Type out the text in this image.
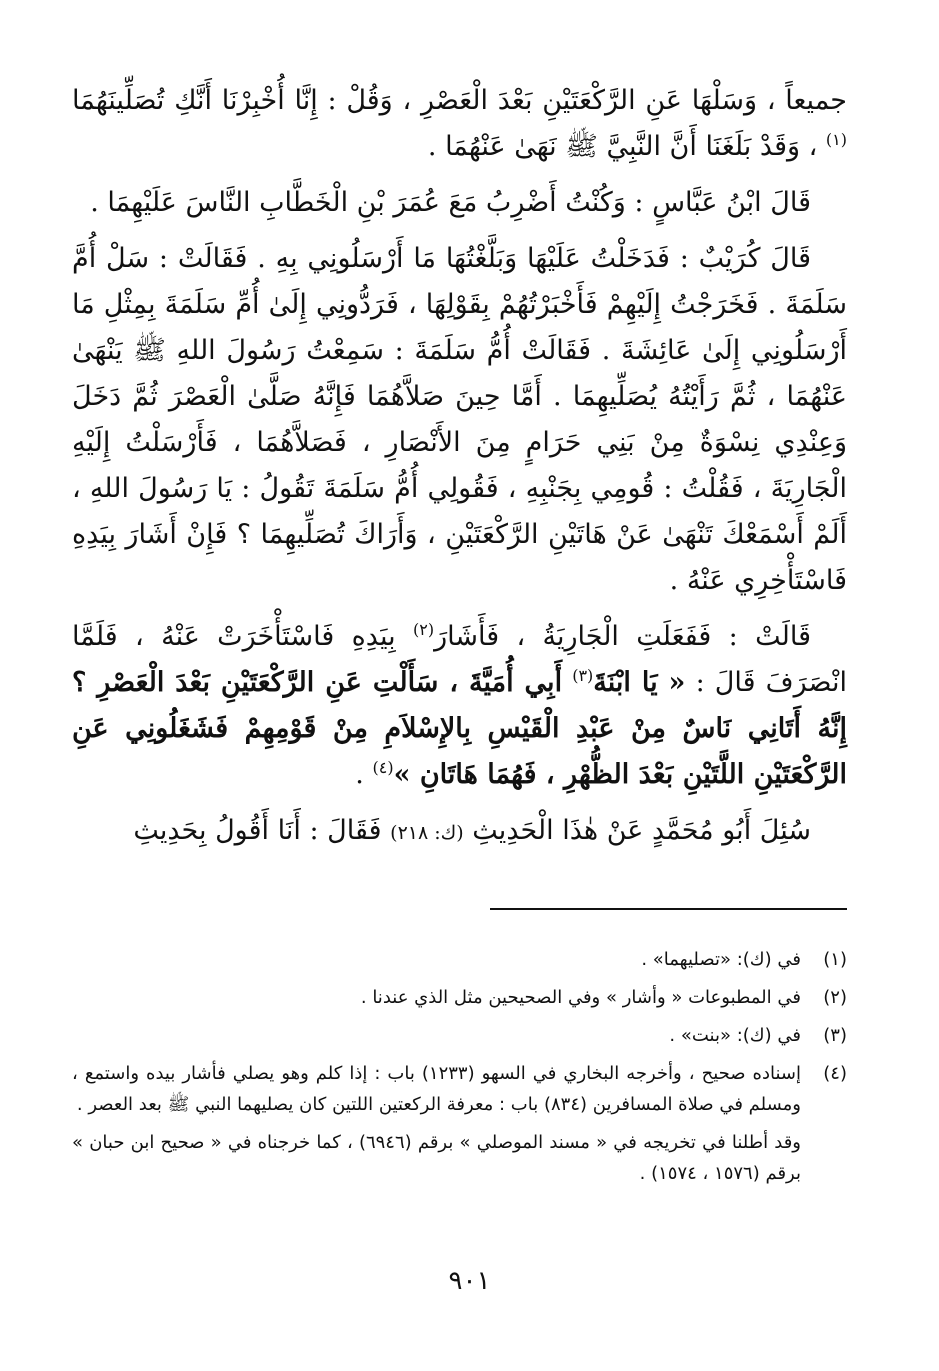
جميعاً ، وَسَلْهَا عَنِ الرَّكْعَتَيْنِ بَعْدَ الْعَصْرِ ، وَقُلْ : إِنَّا أُخْبِرْنَا أَنَّكِ تُصَلِّينَهُمَا $^{(١)}$ ، وَقَدْ بَلَغَنَا أَنَّ النَّبِيَّ ﷺ نَهَىٰ عَنْهُمَا .

قَالَ ابْنُ عَبَّاسٍ : وَكُنْتُ أَضْرِبُ مَعَ عُمَرَ بْنِ الْخَطَّابِ النَّاسَ عَلَيْهِمَا .

قَالَ كُرَيْبٌ : فَدَخَلْتُ عَلَيْهَا وَبَلَّغْتُهَا مَا أَرْسَلُونِي بِهِ . فَقَالَتْ : سَلْ أُمَّ سَلَمَةَ . فَخَرَجْتُ إِلَيْهِمْ فَأَخْبَرْتُهُمْ بِقَوْلِهَا ، فَرَدُّونِي إِلَىٰ أُمِّ سَلَمَةَ بِمِثْلِ مَا أَرْسَلُونِي إِلَىٰ عَائِشَةَ . فَقَالَتْ أُمُّ سَلَمَةَ : سَمِعْتُ رَسُولَ اللهِ ﷺ يَنْهَىٰ عَنْهُمَا ، ثُمَّ رَأَيْتُهُ يُصَلِّيهِمَا . أَمَّا حِينَ صَلاَّهُمَا فَإِنَّهُ صَلَّىٰ الْعَصْرَ ثُمَّ دَخَلَ وَعِنْدِي نِسْوَةٌ مِنْ بَنِي حَرَامٍ مِنَ الأَنْصَارِ ، فَصَلاَّهُمَا ، فَأَرْسَلْتُ إِلَيْهِ الْجَارِيَةَ ، فَقُلْتُ : قُومِي بِجَنْبِهِ ، فَقُولِي أُمُّ سَلَمَةَ تَقُولُ : يَا رَسُولَ اللهِ ، أَلَمْ أَسْمَعْكَ تَنْهَىٰ عَنْ هَاتَيْنِ الرَّكْعَتَيْنِ ، وَأَرَاكَ تُصَلِّيهِمَا ؟ فَإِنْ أَشَارَ بِيَدِهِ فَاسْتَأْخِرِي عَنْهُ .

قَالَتْ : فَفَعَلَتِ الْجَارِيَةُ ، فَأَشَارَ$^{(٢)}$ بِيَدِهِ فَاسْتَأْخَرَتْ عَنْهُ ، فَلَمَّا انْصَرَفَ قَالَ : « يَا ابْنَةَ$^{(٣)}$ أَبِي أُمَيَّةَ ، سَأَلْتِ عَنِ الرَّكْعَتَيْنِ بَعْدَ الْعَصْرِ ؟ إِنَّهُ أَتَانِي نَاسٌ مِنْ عَبْدِ الْقَيْسِ بِالإِسْلاَمِ مِنْ قَوْمِهِمْ فَشَغَلُونِي عَنِ الرَّكْعَتَيْنِ اللَّتَيْنِ بَعْدَ الظُّهْرِ ، فَهُمَا هَاتَانِ »$^{(٤)}$ .

سُئِلَ أَبُو مُحَمَّدٍ عَنْ هٰذَا الْحَدِيثِ (ك: ٢١٨) فَقَالَ : أَنَا أَقُولُ بِحَدِيثِ

(١)
في (ك): «تصليهما» .
(٢)
في المطبوعات « وأشار » وفي الصحيحين مثل الذي عندنا .
(٣)
في (ك): «بنت» .
(٤)
إسناده صحيح ، وأخرجه البخاري في السهو (١٢٣٣) باب : إذا كلم وهو يصلي فأشار بيده واستمع ، ومسلم في صلاة المسافرين (٨٣٤) باب : معرفة الركعتين اللتين كان يصليهما النبي ﷺ بعد العصر .
وقد أطلنا في تخريجه في « مسند الموصلي » برقم (٦٩٤٦) ، كما خرجناه في « صحيح ابن حبان » برقم (١٥٧٦ ، ١٥٧٤) .
٩٠١
